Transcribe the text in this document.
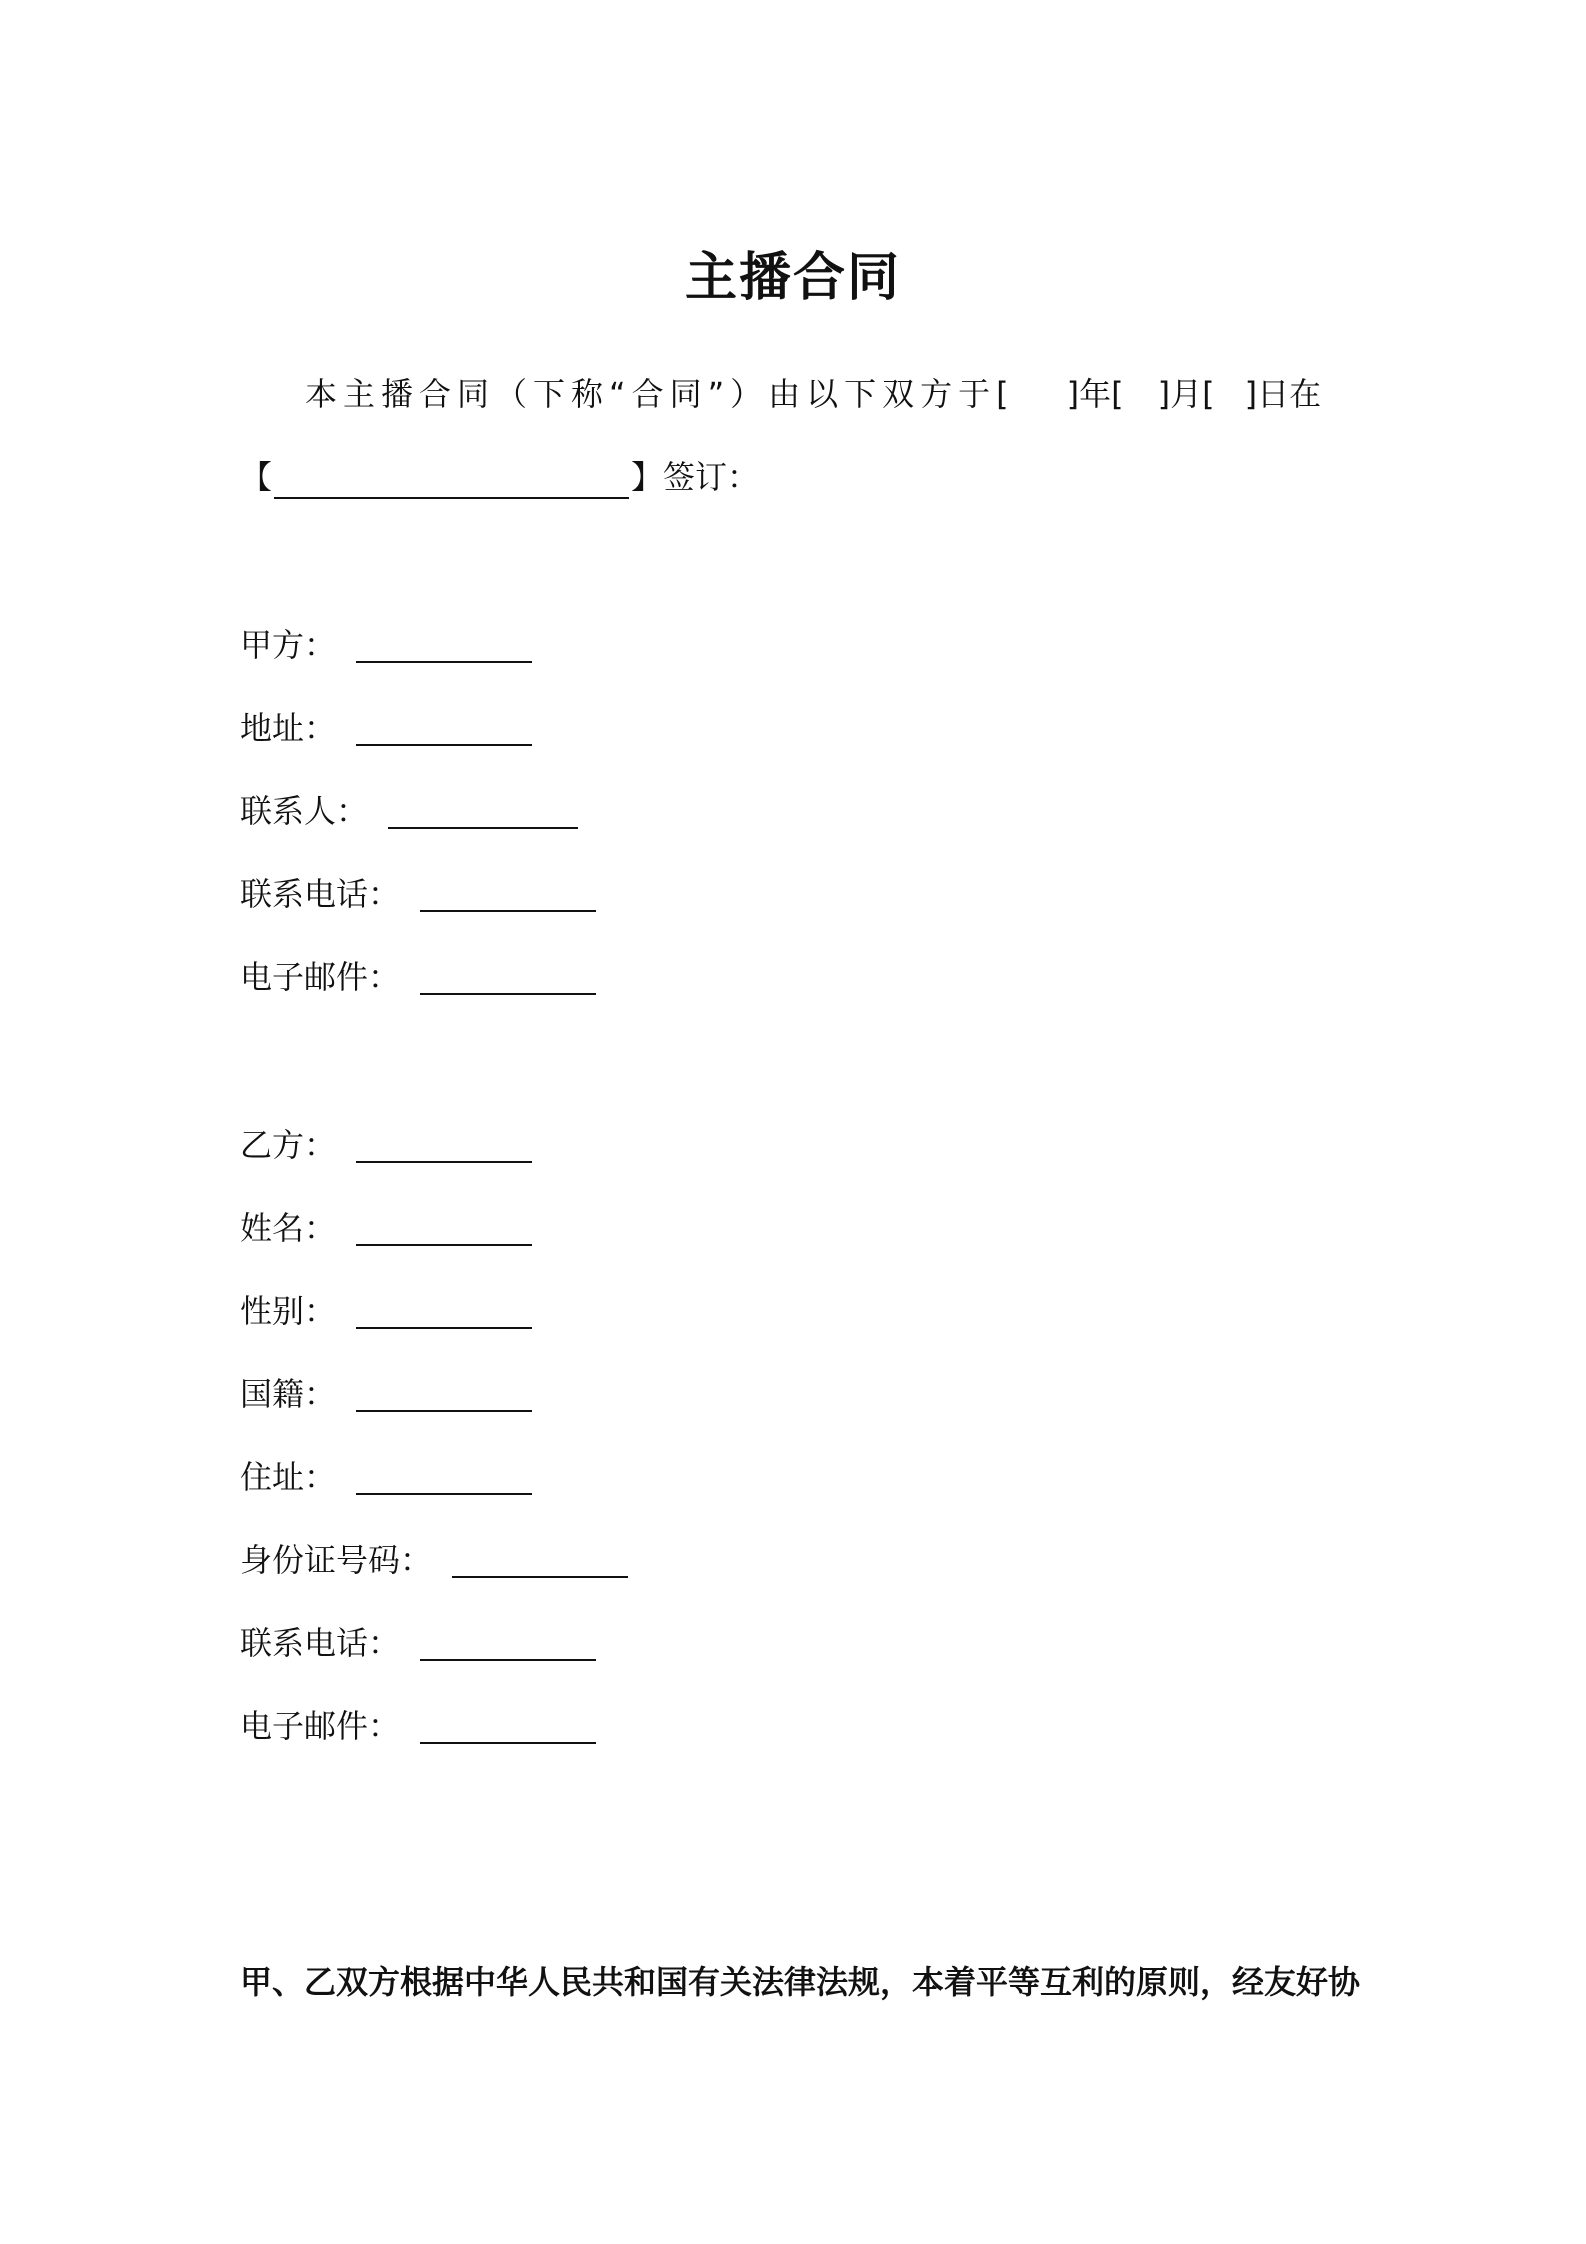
主播合同
本主播合同（下称“合同”）由以下双方于[ ]年[ ]月[ ]日在
【	】签订：
甲方：
地址：
联系人：
联系电话：
电子邮件：
乙方：
姓名：
性别：
国籍：
住址：
身份证号码：
联系电话：
电子邮件：
甲、乙双方根据中华人民共和国有关法律法规，本着平等互利的原则，经友好协
